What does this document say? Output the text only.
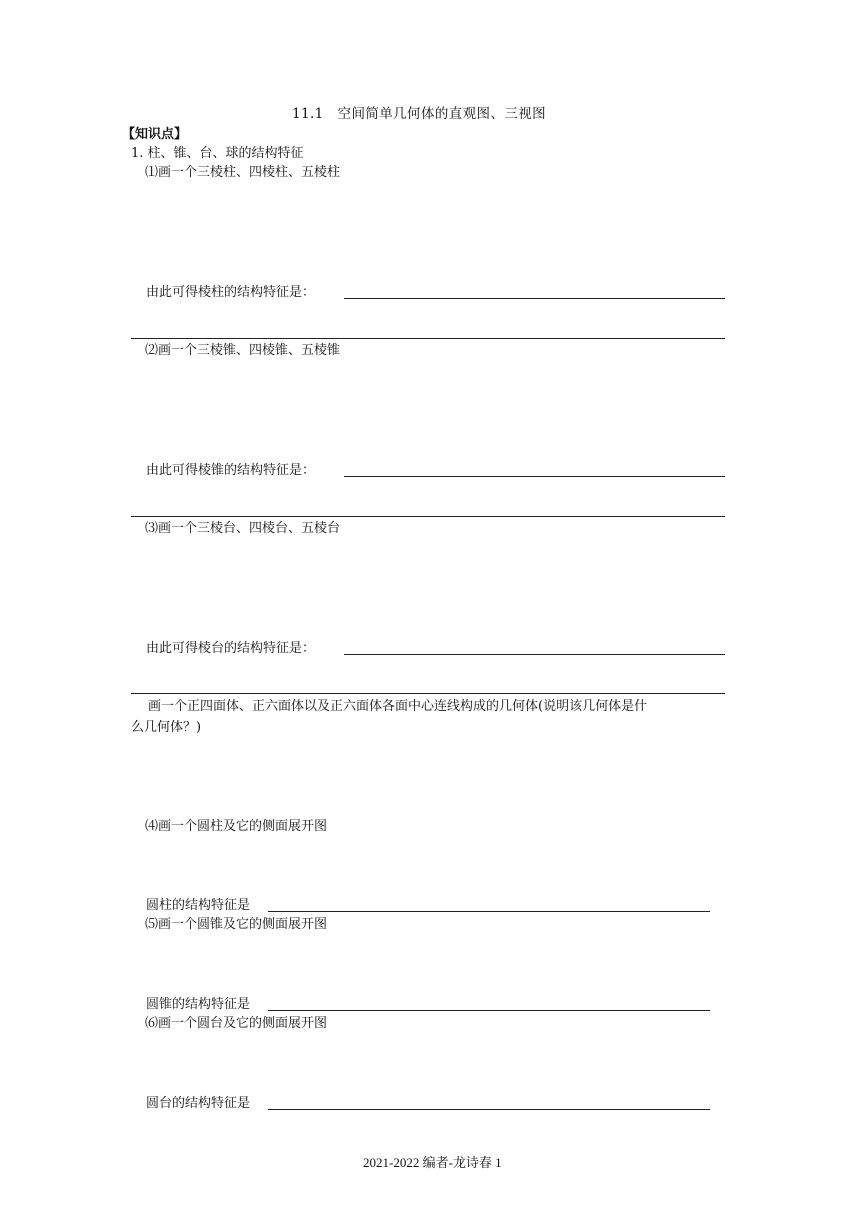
11.1　空间简单几何体的直观图、三视图
【知识点】
1. 柱、锥、台、球的结构特征
⑴画一个三棱柱、四棱柱、五棱柱
由此可得棱柱的结构特征是：
⑵画一个三棱锥、四棱锥、五棱锥
由此可得棱锥的结构特征是：
⑶画一个三棱台、四棱台、五棱台
由此可得棱台的结构特征是：
画一个正四面体、正六面体以及正六面体各面中心连线构成的几何体(说明该几何体是什
么几何体？)
⑷画一个圆柱及它的侧面展开图
圆柱的结构特征是
⑸画一个圆锥及它的侧面展开图
圆锥的结构特征是
⑹画一个圆台及它的侧面展开图
圆台的结构特征是
2021-2022 编者-龙诗春 1
